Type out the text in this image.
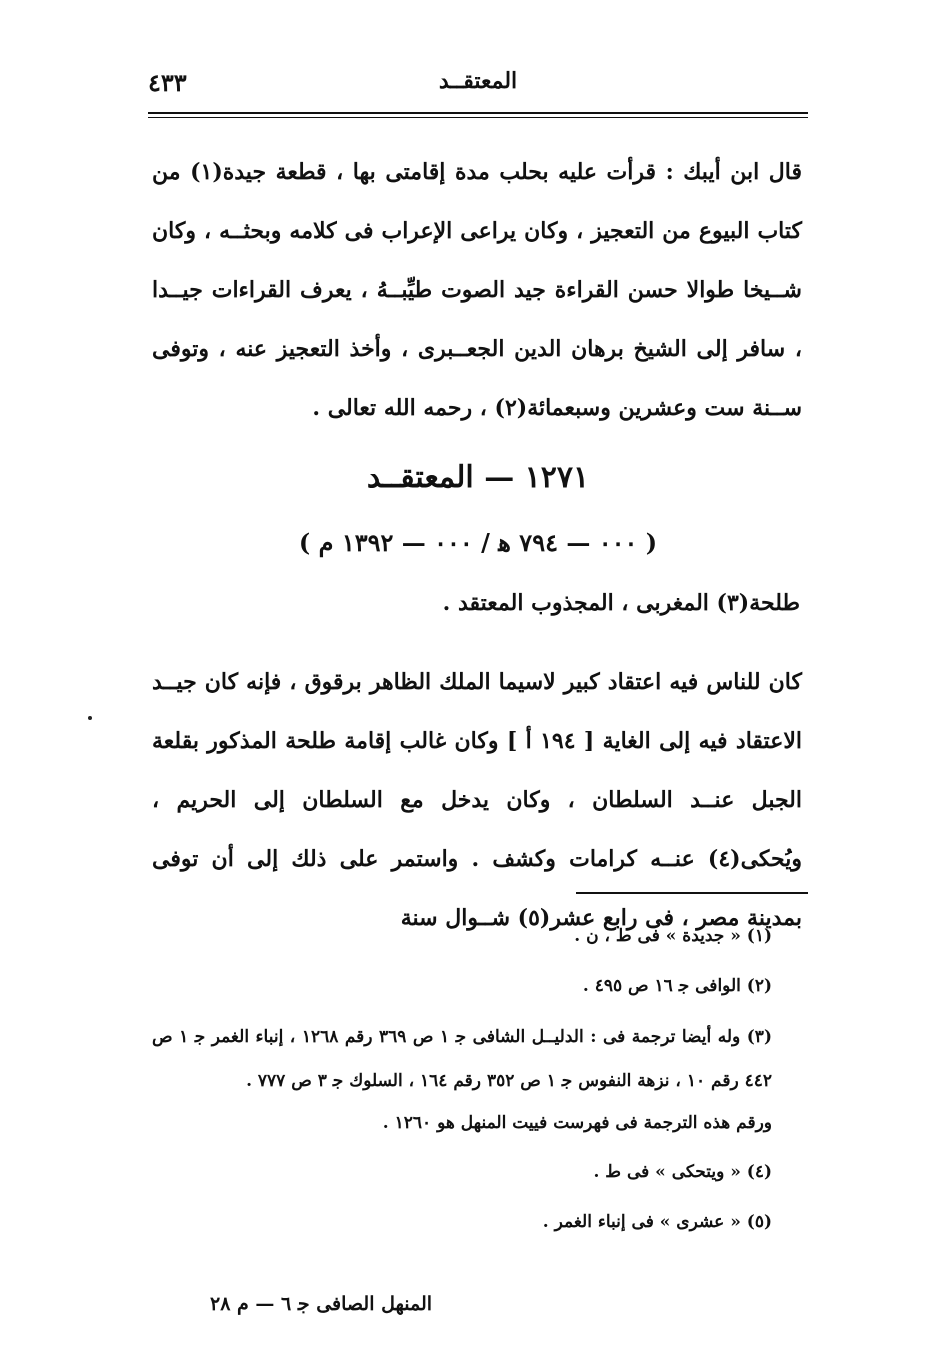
المعتقــد
٤٣٣
قال ابن أيبك : قرأت عليه بحلب مدة إقامتى بها ، قطعة جيدة(١) من كتاب البيوع من التعجيز ، وكان يراعى الإعراب فى كلامه وبحثــه ، وكان شــيخا طوالا حسن القراءة جيد الصوت طيِّبــهُ ، يعرف القراءات جيــدا ، سافر إلى الشيخ برهان الدين الجعــبرى ، وأخذ التعجيز عنه ، وتوفى ســنة ست وعشرين وسبعمائة(٢) ، رحمه الله تعالى .
١٢٧١ — المعتقــد
( ٠٠٠ — ٧٩٤ ﻫ / ٠٠٠ — ١٣٩٢ م )
طلحة(٣) المغربى ، المجذوب المعتقد .
كان للناس فيه اعتقاد كبير لاسيما الملك الظاهر برقوق ، فإنه كان جيــد الاعتقاد فيه إلى الغاية [ ١٩٤ أ ] وكان غالب إقامة طلحة المذكور بقلعة الجبل عنــد السلطان ، وكان يدخل مع السلطان إلى الحريم ، ويُحكى(٤) عنــه كرامات وكشف . واستمر على ذلك إلى أن توفى بمدينة مصر ، فى رابع عشر(٥) شــوال سنة
(١) « جديدة » فى ط ، ن .
(٢) الوافى ﺟ ١٦ ص ٤٩٥ .
(٣) وله أيضا ترجمة فى : الدليــل الشافى ﺟ ١ ص ٣٦٩ رقم ١٢٦٨ ، إنباء الغمر ﺟ ١ ص ٤٤٢ رقم ١٠ ، نزهة النفوس ﺟ ١ ص ٣٥٢ رقم ١٦٤ ، السلوك ﺟ ٣ ص ٧٧٧ .
ورقم هذه الترجمة فى فهرست فييت المنهل هو ١٢٦٠ .
(٤) « ويتحكى » فى ط .
(٥) « عشرى » فى إنباء الغمر .
المنهل الصافى ﺟ ٦ — م ٢٨
